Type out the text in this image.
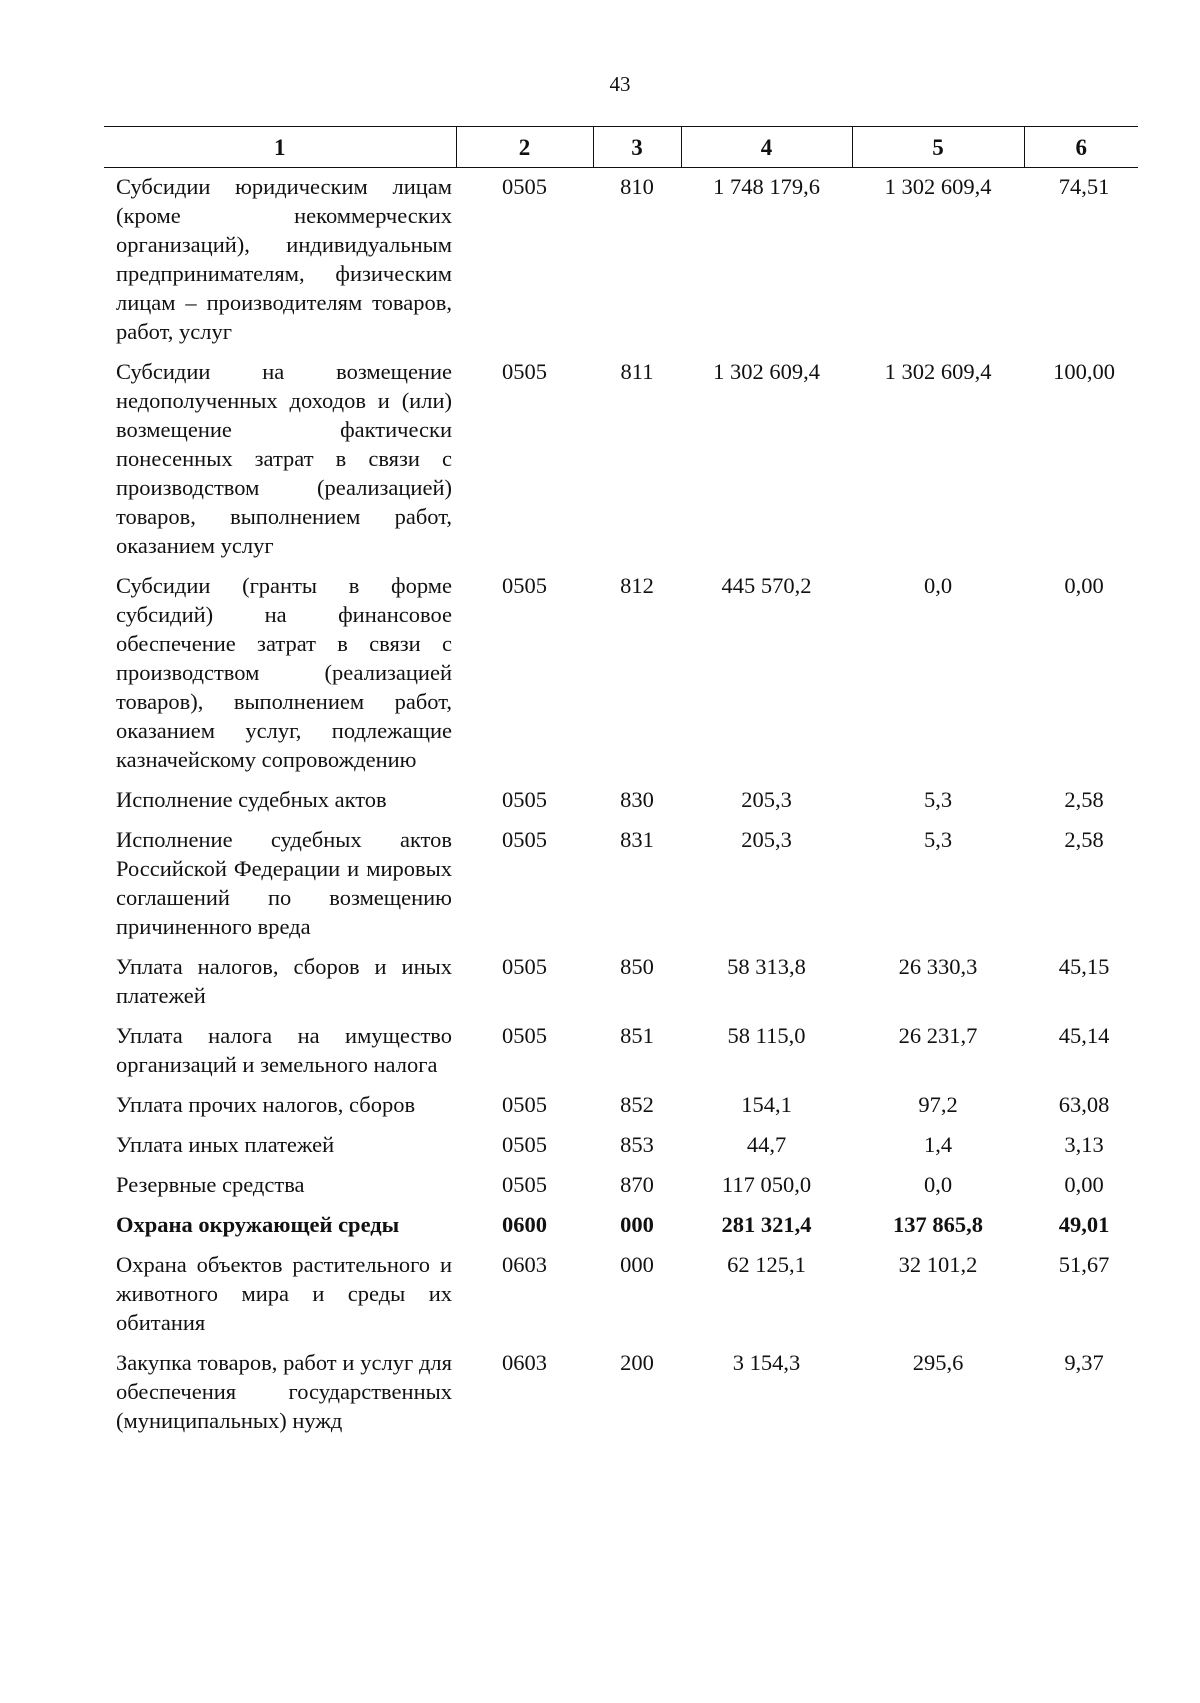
43
1	2	3	4	5	6
Субсидии юридическим лицам (кроме некоммерческих организаций), индивидуальным предпринимателям, физическим лицам – производителям товаров, работ, услуг	0505	810	1 748 179,6	1 302 609,4	74,51
Субсидии на возмещение недополученных доходов и (или) возмещение фактически понесенных затрат в связи с производством (реализацией) товаров, выполнением работ, оказанием услуг	0505	811	1 302 609,4	1 302 609,4	100,00
Субсидии (гранты в форме субсидий) на финансовое обеспечение затрат в связи с производством (реализацией товаров), выполнением работ, оказанием услуг, подлежащие казначейскому сопровождению	0505	812	445 570,2	0,0	0,00
Исполнение судебных актов	0505	830	205,3	5,3	2,58
Исполнение судебных актов Российской Федерации и мировых соглашений по возмещению причиненного вреда	0505	831	205,3	5,3	2,58
Уплата налогов, сборов и иных платежей	0505	850	58 313,8	26 330,3	45,15
Уплата налога на имущество организаций и земельного налога	0505	851	58 115,0	26 231,7	45,14
Уплата прочих налогов, сборов	0505	852	154,1	97,2	63,08
Уплата иных платежей	0505	853	44,7	1,4	3,13
Резервные средства	0505	870	117 050,0	0,0	0,00
Охрана окружающей среды	0600	000	281 321,4	137 865,8	49,01
Охрана объектов растительного и животного мира и среды их обитания	0603	000	62 125,1	32 101,2	51,67
Закупка товаров, работ и услуг для обеспечения государственных (муниципальных) нужд	0603	200	3 154,3	295,6	9,37
